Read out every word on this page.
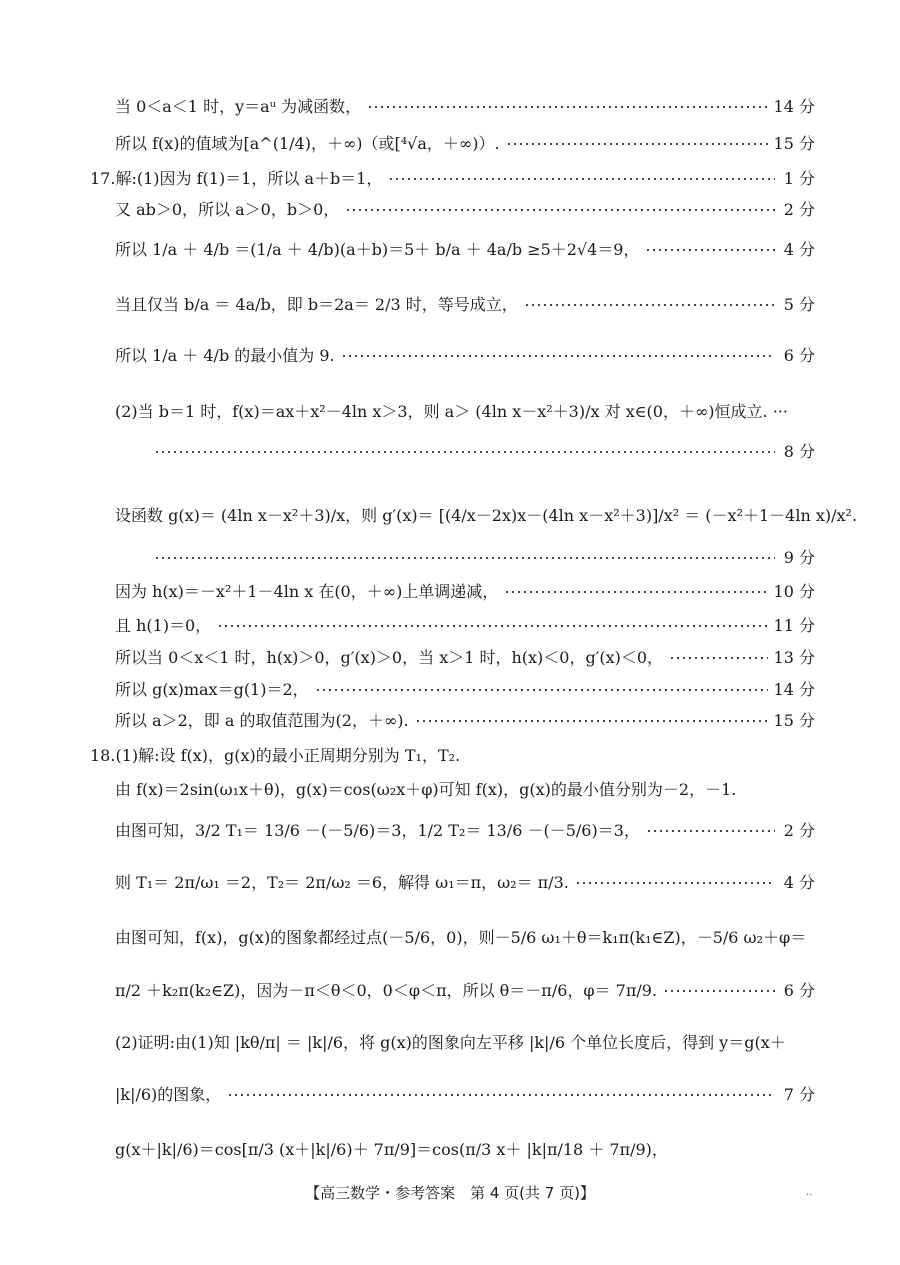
当 0＜a＜1 时，y＝aᵘ 为减函数，	14 分
所以 f(x)的值域为[a^(1/4)，＋∞)（或[⁴√a，＋∞)）.	15 分
17. 解:(1)因为 f(1)＝1，所以 a＋b＝1，	1 分
又 ab＞0，所以 a＞0，b＞0，	2 分
所以 1/a ＋ 4/b ＝(1/a ＋ 4/b)(a＋b)＝5＋ b/a ＋ 4a/b ≥5＋2√4＝9，	4 分
当且仅当 b/a ＝ 4a/b，即 b＝2a＝ 2/3 时，等号成立，	5 分
所以 1/a ＋ 4/b 的最小值为 9.	6 分
(2)当 b＝1 时，f(x)＝ax＋x²－4ln x＞3，则 a＞ (4ln x－x²＋3)/x 对 x∈(0，＋∞)恒成立. ···
8 分
设函数 g(x)＝ (4ln x－x²＋3)/x，则 g′(x)＝ [(4/x－2x)x－(4ln x－x²＋3)]/x² ＝ (－x²＋1－4ln x)/x².
9 分
因为 h(x)＝－x²＋1－4ln x 在(0，＋∞)上单调递减，	10 分
且 h(1)＝0，	11 分
所以当 0＜x＜1 时，h(x)＞0，g′(x)＞0，当 x＞1 时，h(x)＜0，g′(x)＜0，	13 分
所以 g(x)max＝g(1)＝2，	14 分
所以 a＞2，即 a 的取值范围为(2，＋∞).	15 分
18. (1)解:设 f(x)，g(x)的最小正周期分别为 T₁，T₂.
由 f(x)＝2sin(ω₁x＋θ)，g(x)＝cos(ω₂x＋φ)可知 f(x)，g(x)的最小值分别为－2，－1.
由图可知，3/2 T₁＝ 13/6 －(－5/6)＝3，1/2 T₂＝ 13/6 －(－5/6)＝3，	2 分
则 T₁＝ 2π/ω₁ ＝2，T₂＝ 2π/ω₂ ＝6，解得 ω₁＝π，ω₂＝ π/3.	4 分
由图可知，f(x)，g(x)的图象都经过点(－5/6，0)，则－5/6 ω₁＋θ＝k₁π(k₁∈Z)，－5/6 ω₂＋φ＝
π/2 ＋k₂π(k₂∈Z)，因为－π＜θ＜0，0＜φ＜π，所以 θ＝－π/6，φ＝ 7π/9.	6 分
(2)证明:由(1)知 |kθ/π| ＝ |k|/6，将 g(x)的图象向左平移 |k|/6 个单位长度后，得到 y＝g(x＋
|k|/6)的图象，	7 分
g(x＋|k|/6)＝cos[π/3 (x＋|k|/6)＋ 7π/9]＝cos(π/3 x＋ |k|π/18 ＋ 7π/9)，
【高三数学・参考答案　第 4 页(共 7 页)】	..
